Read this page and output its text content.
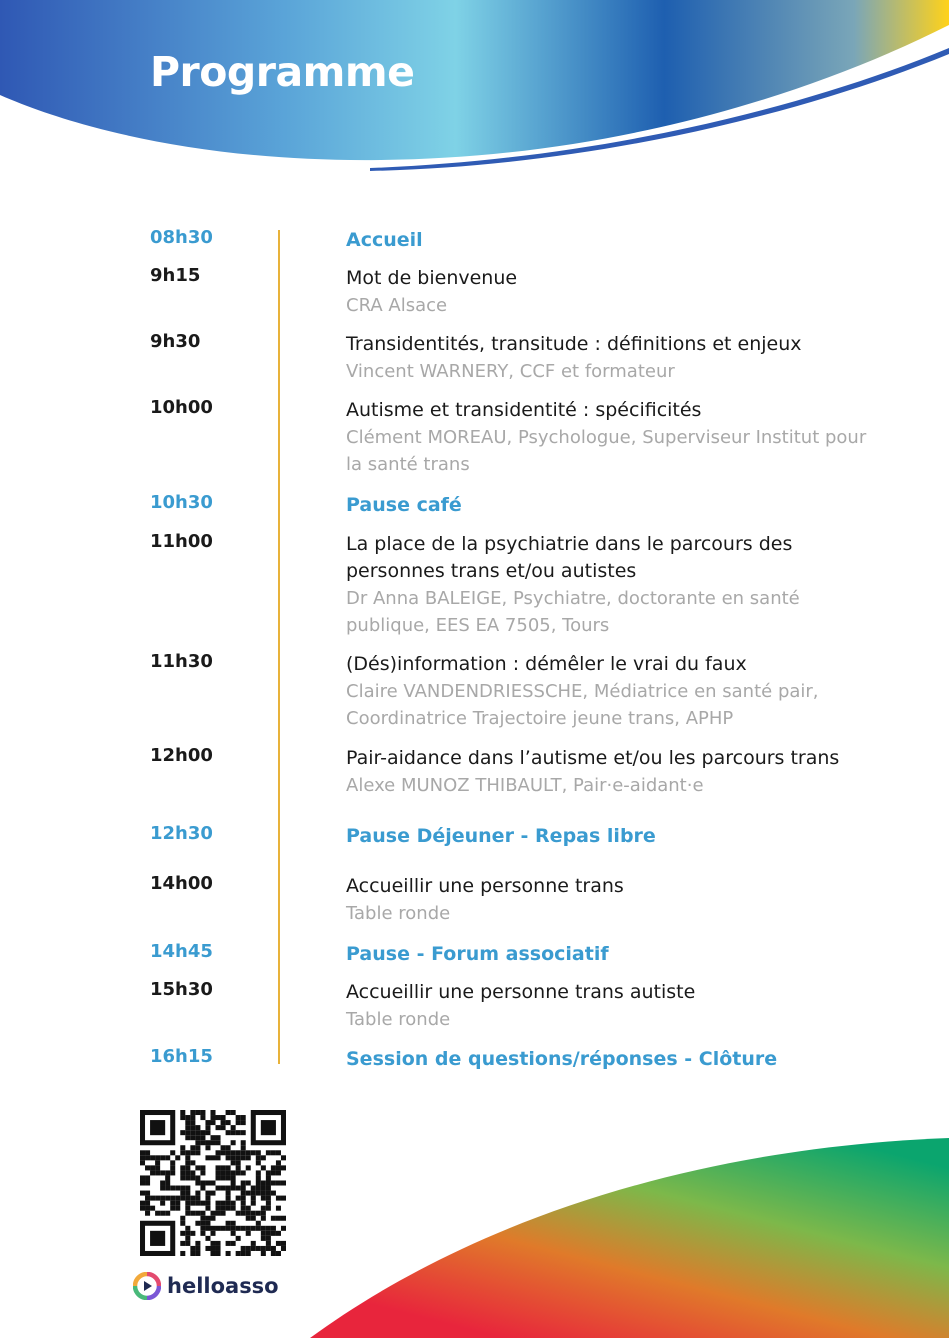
Programme
08h30	Accueil
9h15	Mot de bienvenue
CRA Alsace
9h30	Transidentités, transitude : définitions et enjeux
Vincent WARNERY, CCF et formateur
10h00	Autisme et transidentité : spécificités
Clément MOREAU, Psychologue, Superviseur Institut pour la santé trans
10h30	Pause café
11h00	La place de la psychiatrie dans le parcours des personnes trans et/ou autistes
Dr Anna BALEIGE, Psychiatre, doctorante en santé publique, EES EA 7505, Tours
11h30	(Dés)information : démêler le vrai du faux
Claire VANDENDRIESSCHE, Médiatrice en santé pair, Coordinatrice Trajectoire jeune trans, APHP
12h00	Pair-aidance dans l’autisme et/ou les parcours trans
Alexe MUNOZ THIBAULT, Pair·e-aidant·e
12h30	Pause Déjeuner - Repas libre
14h00	Accueillir une personne trans
Table ronde
14h45	Pause - Forum associatif
15h30	Accueillir une personne trans autiste
Table ronde
16h15	Session de questions/réponses - Clôture
helloasso
